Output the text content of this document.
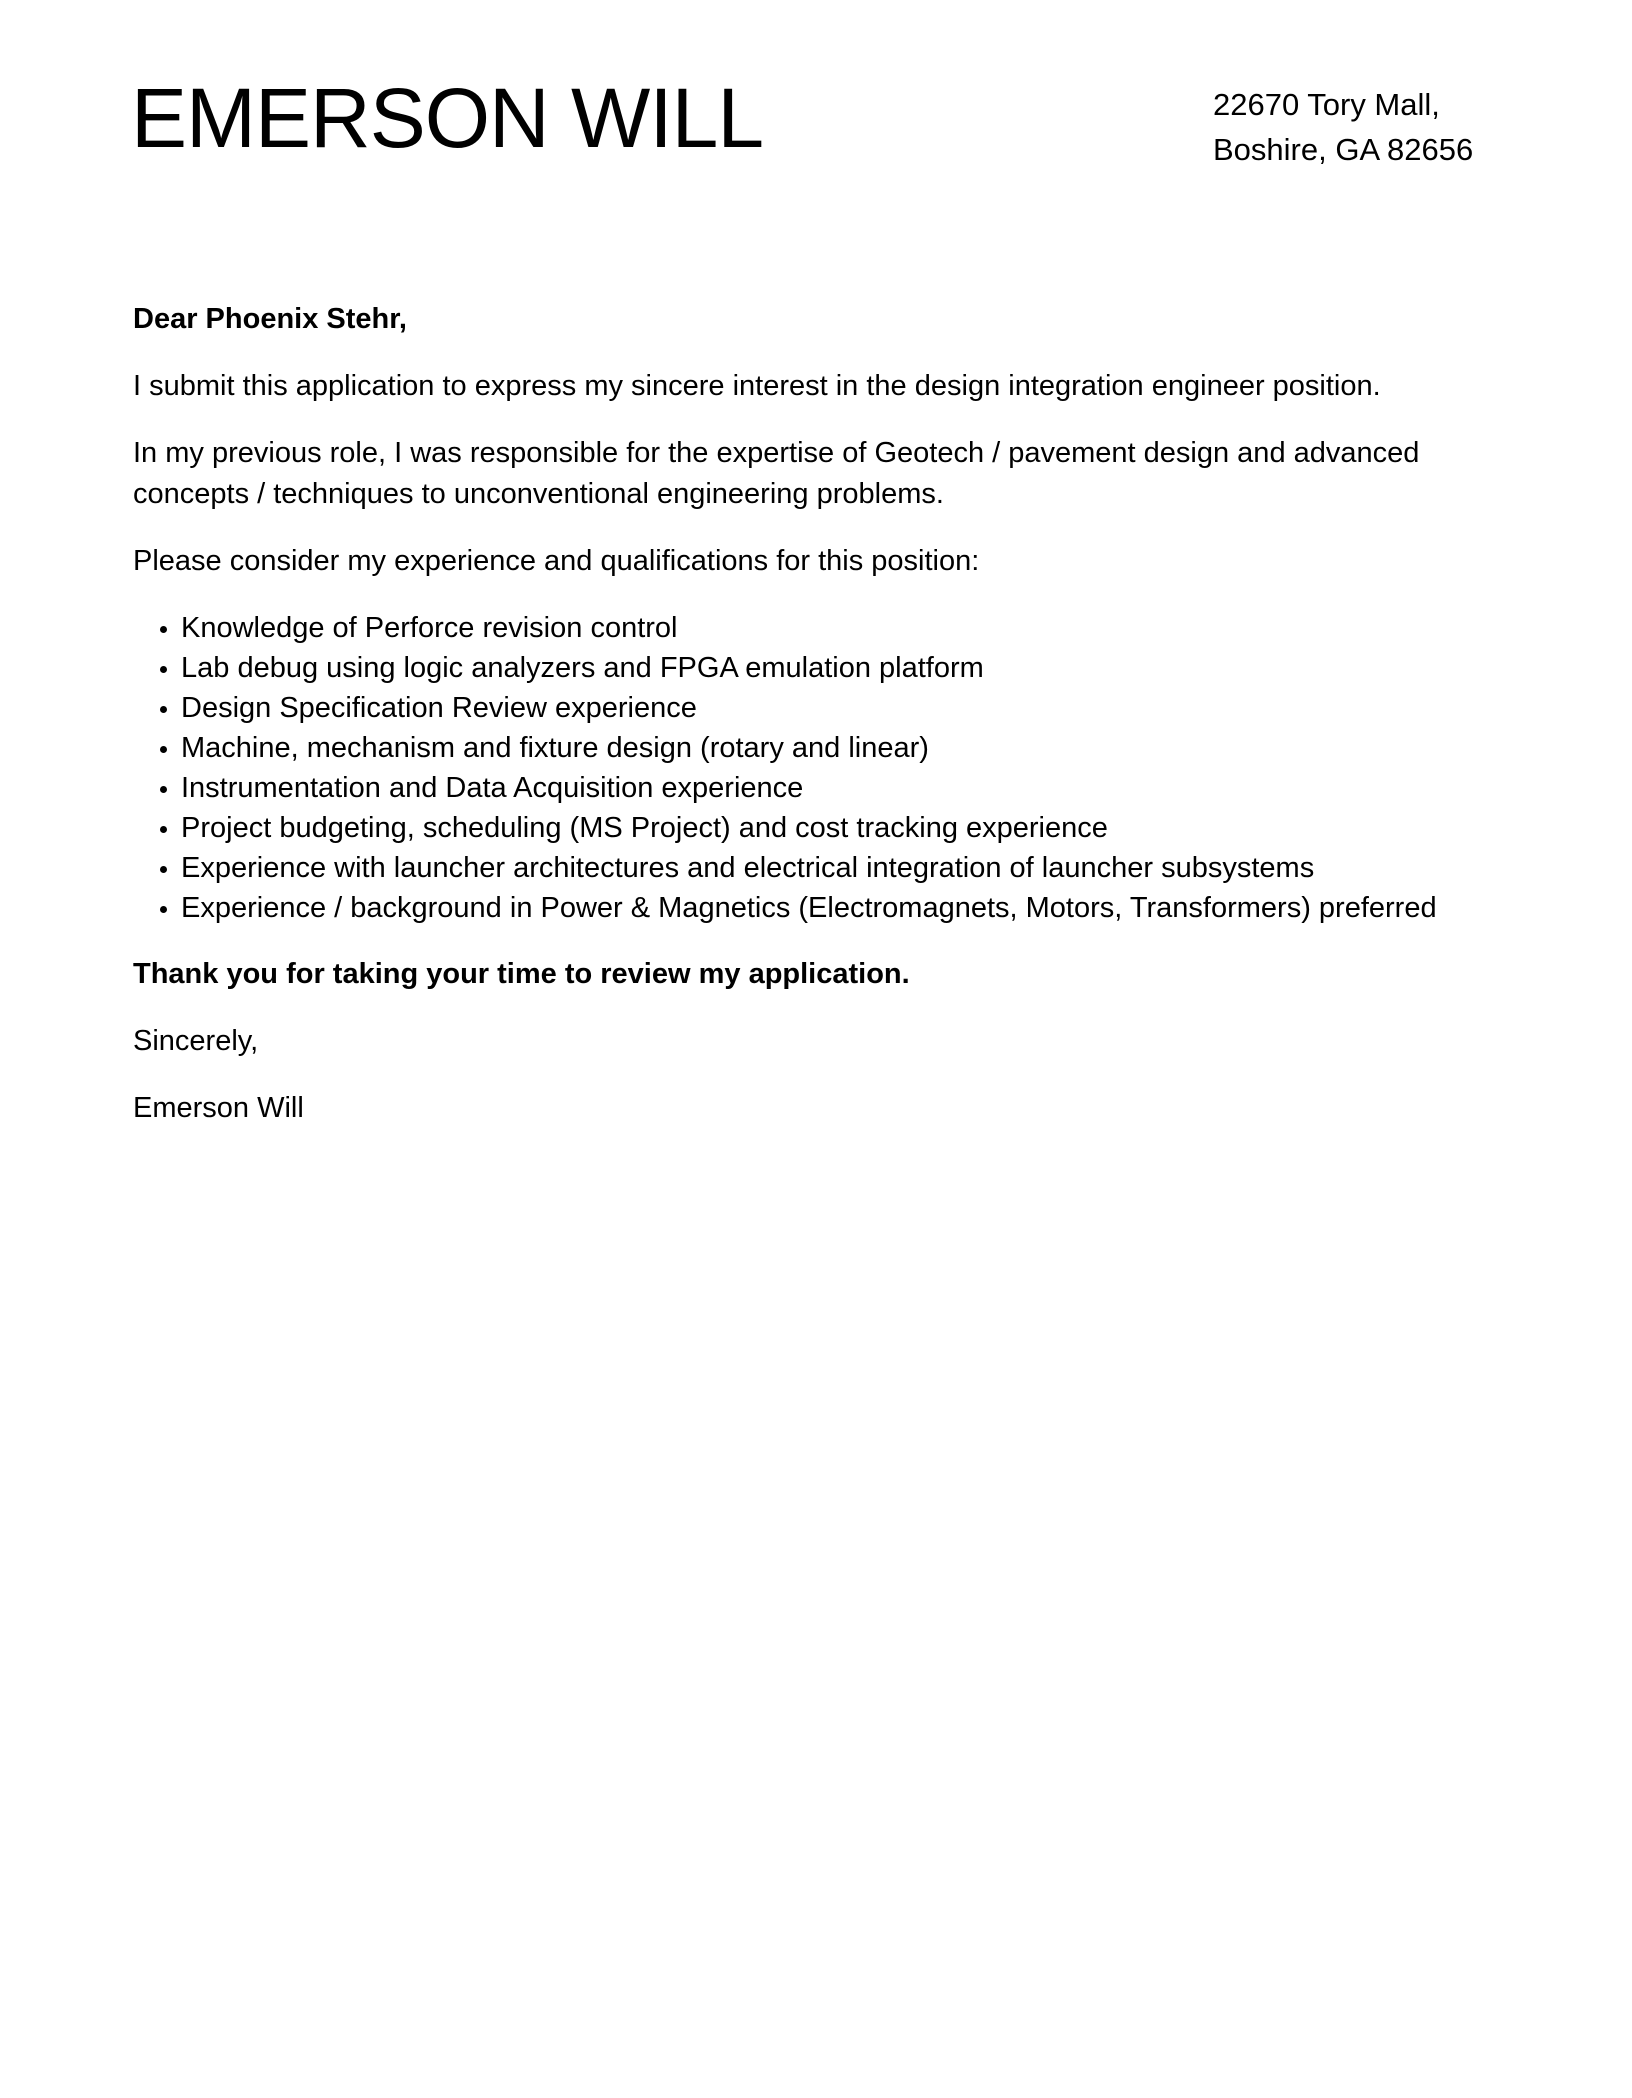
EMERSON WILL	22670 Tory Mall,
Boshire, GA 82656

Dear Phoenix Stehr,

I submit this application to express my sincere interest in the design integration engineer position.

In my previous role, I was responsible for the expertise of Geotech / pavement design and advanced concepts / techniques to unconventional engineering problems.

Please consider my experience and qualifications for this position:

• Knowledge of Perforce revision control
• Lab debug using logic analyzers and FPGA emulation platform
• Design Specification Review experience
• Machine, mechanism and fixture design (rotary and linear)
• Instrumentation and Data Acquisition experience
• Project budgeting, scheduling (MS Project) and cost tracking experience
• Experience with launcher architectures and electrical integration of launcher subsystems
• Experience / background in Power & Magnetics (Electromagnets, Motors, Transformers) preferred

Thank you for taking your time to review my application.

Sincerely,

Emerson Will
